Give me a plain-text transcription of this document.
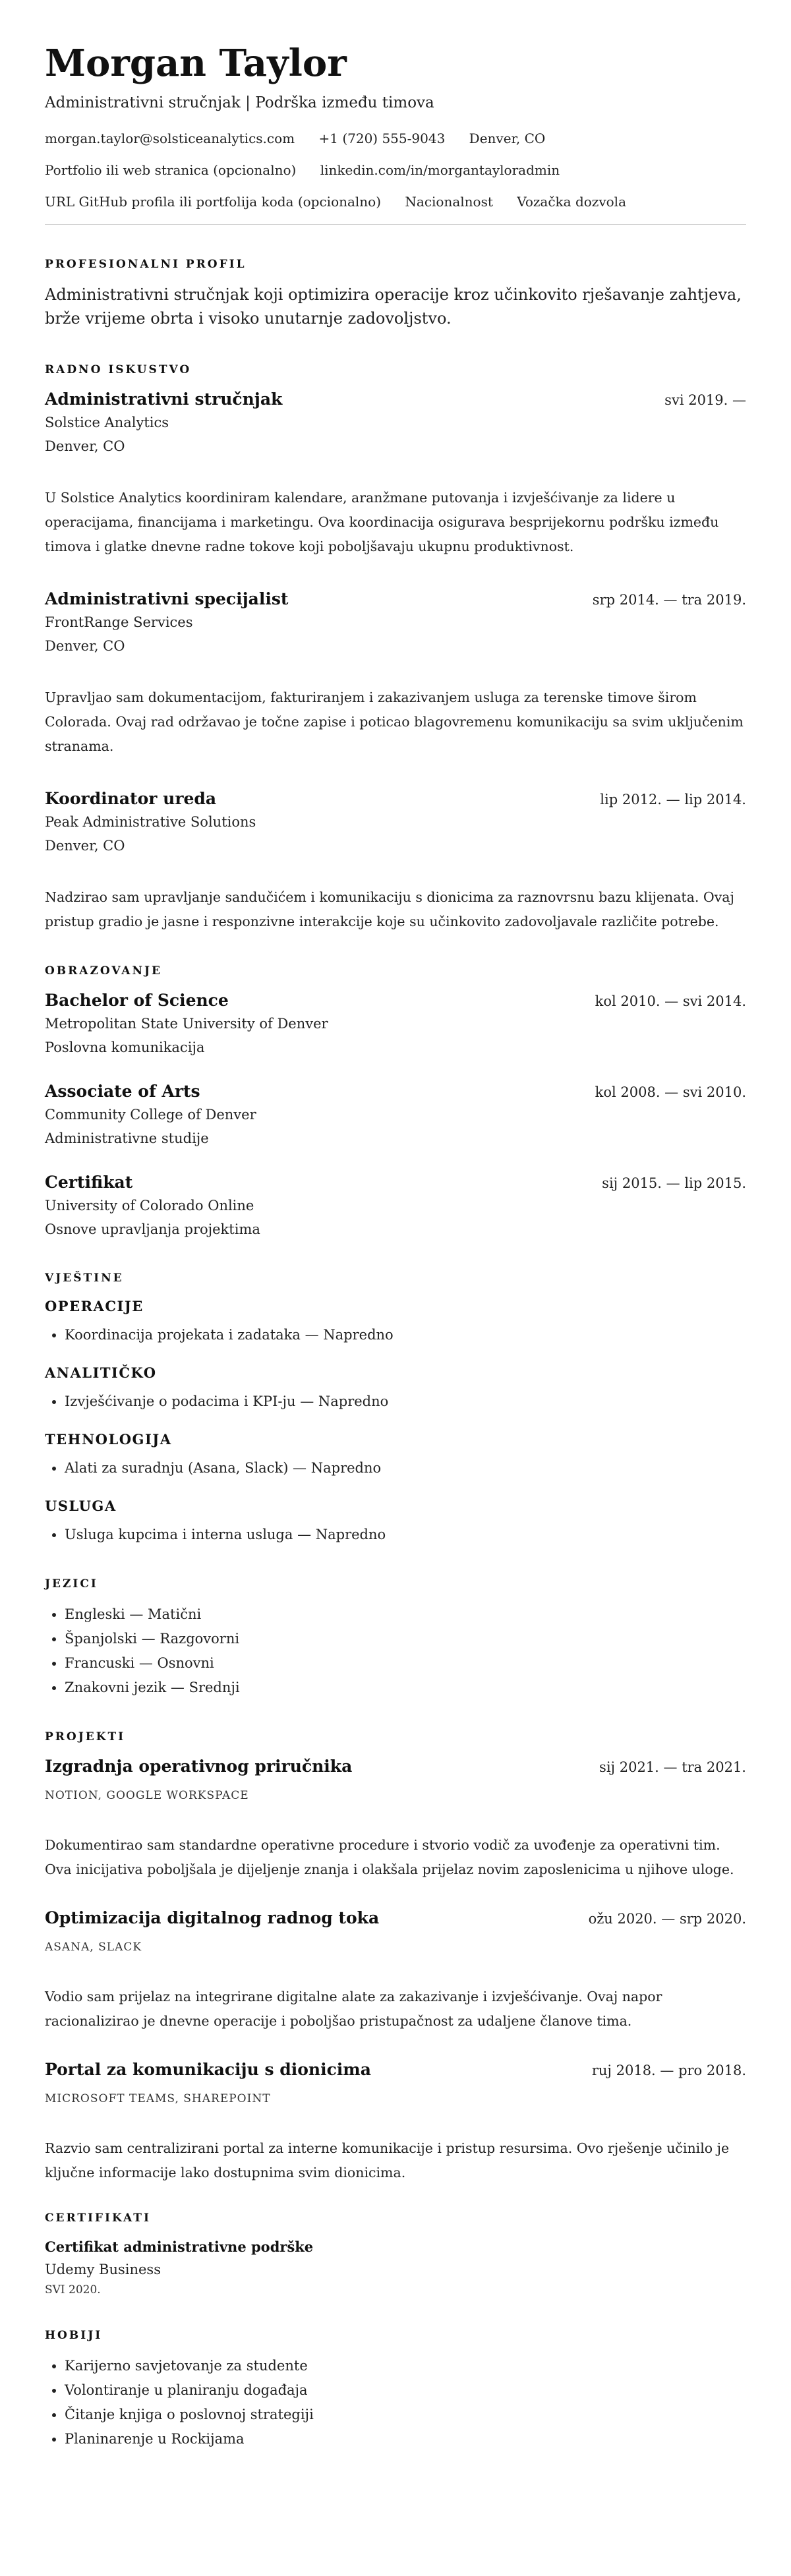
Morgan Taylor
Administrativni stručnjak | Podrška između timova
morgan.taylor@solsticeanalytics.com +1 (720) 555-9043 Denver, CO
Portfolio ili web stranica (opcionalno) linkedin.com/in/morgantayloradmin
URL GitHub profila ili portfolija koda (opcionalno) Nacionalnost Vozačka dozvola
PROFESIONALNI PROFIL
Administrativni stručnjak koji optimizira operacije kroz učinkovito rješavanje zahtjeva, brže vrijeme obrta i visoko unutarnje zadovoljstvo.
RADNO ISKUSTVO
Administrativni stručnjak	svi 2019. —
Solstice Analytics
Denver, CO
U Solstice Analytics koordiniram kalendare, aranžmane putovanja i izvješćivanje za lidere u operacijama, financijama i marketingu. Ova koordinacija osigurava besprijekornu podršku između timova i glatke dnevne radne tokove koji poboljšavaju ukupnu produktivnost.
Administrativni specijalist	srp 2014. — tra 2019.
FrontRange Services
Denver, CO
Upravljao sam dokumentacijom, fakturiranjem i zakazivanjem usluga za terenske timove širom Colorada. Ovaj rad održavao je točne zapise i poticao blagovremenu komunikaciju sa svim uključenim stranama.
Koordinator ureda	lip 2012. — lip 2014.
Peak Administrative Solutions
Denver, CO
Nadzirao sam upravljanje sandučićem i komunikaciju s dionicima za raznovrsnu bazu klijenata. Ovaj pristup gradio je jasne i responzivne interakcije koje su učinkovito zadovoljavale različite potrebe.
OBRAZOVANJE
Bachelor of Science	kol 2010. — svi 2014.
Metropolitan State University of Denver
Poslovna komunikacija
Associate of Arts	kol 2008. — svi 2010.
Community College of Denver
Administrativne studije
Certifikat	sij 2015. — lip 2015.
University of Colorado Online
Osnove upravljanja projektima
VJEŠTINE
OPERACIJE
• Koordinacija projekata i zadataka — Napredno
ANALITIČKO
• Izvješćivanje o podacima i KPI-ju — Napredno
TEHNOLOGIJA
• Alati za suradnju (Asana, Slack) — Napredno
USLUGA
• Usluga kupcima i interna usluga — Napredno
JEZICI
• Engleski — Matični
• Španjolski — Razgovorni
• Francuski — Osnovni
• Znakovni jezik — Srednji
PROJEKTI
Izgradnja operativnog priručnika	sij 2021. — tra 2021.
NOTION, GOOGLE WORKSPACE
Dokumentirao sam standardne operativne procedure i stvorio vodič za uvođenje za operativni tim. Ova inicijativa poboljšala je dijeljenje znanja i olakšala prijelaz novim zaposlenicima u njihove uloge.
Optimizacija digitalnog radnog toka	ožu 2020. — srp 2020.
ASANA, SLACK
Vodio sam prijelaz na integrirane digitalne alate za zakazivanje i izvješćivanje. Ovaj napor racionalizirao je dnevne operacije i poboljšao pristupačnost za udaljene članove tima.
Portal za komunikaciju s dionicima	ruj 2018. — pro 2018.
MICROSOFT TEAMS, SHAREPOINT
Razvio sam centralizirani portal za interne komunikacije i pristup resursima. Ovo rješenje učinilo je ključne informacije lako dostupnima svim dionicima.
CERTIFIKATI
Certifikat administrativne podrške
Udemy Business
SVI 2020.
HOBIJI
• Karijerno savjetovanje za studente
• Volontiranje u planiranju događaja
• Čitanje knjiga o poslovnoj strategiji
• Planinarenje u Rockijama
